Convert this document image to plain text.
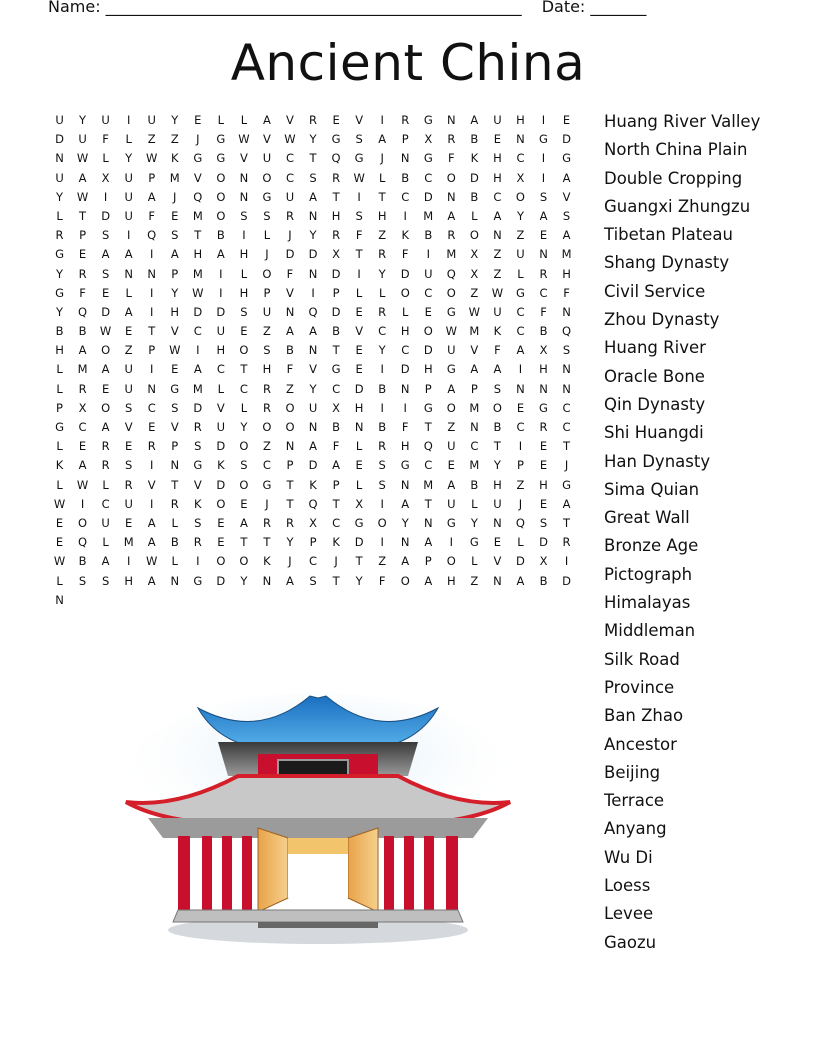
Name: ____________________________________________________ Date: _______
Ancient China
U	Y	U	I	U	Y	E	L	L	A	V	R	E	V	I	R	G	N	A	U	H	I	E
D	U	F	L	Z	Z	J	G	W	V	W	Y	G	S	A	P	X	R	B	E	N	G	D
N	W	L	Y	W	K	G	G	V	U	C	T	Q	G	J	N	G	F	K	H	C	I	G
U	A	X	U	P	M	V	O	N	O	C	S	R	W	L	B	C	O	D	H	X	I	A
Y	W	I	U	A	J	Q	O	N	G	U	A	T	I	T	C	D	N	B	C	O	S	V
L	T	D	U	F	E	M	O	S	S	R	N	H	S	H	I	M	A	L	A	Y	A	S
R	P	S	I	Q	S	T	B	I	L	J	Y	R	F	Z	K	B	R	O	N	Z	E	A
G	E	A	A	I	A	H	A	H	J	D	D	X	T	R	F	I	M	X	Z	U	N	M
Y	R	S	N	N	P	M	I	L	O	F	N	D	I	Y	D	U	Q	X	Z	L	R	H
G	F	E	L	I	Y	W	I	H	P	V	I	P	L	L	O	C	O	Z	W	G	C	F
Y	Q	D	A	I	H	D	D	S	U	N	Q	D	E	R	L	E	G	W	U	C	F	N
B	B	W	E	T	V	C	U	E	Z	A	A	B	V	C	H	O	W	M	K	C	B	Q
H	A	O	Z	P	W	I	H	O	S	B	N	T	E	Y	C	D	U	V	F	A	X	S
L	M	A	U	I	E	A	C	T	H	F	V	G	E	I	D	H	G	A	A	I	H	N
L	R	E	U	N	G	M	L	C	R	Z	Y	C	D	B	N	P	A	P	S	N	N	N
P	X	O	S	C	S	D	V	L	R	O	U	X	H	I	I	G	O	M	O	E	G	C
G	C	A	V	E	V	R	U	Y	O	O	N	B	N	B	F	T	Z	N	B	C	R	C
L	E	R	E	R	P	S	D	O	Z	N	A	F	L	R	H	Q	U	C	T	I	E	T
K	A	R	S	I	N	G	K	S	C	P	D	A	E	S	G	C	E	M	Y	P	E	J
L	W	L	R	V	T	V	D	O	G	T	K	P	L	S	N	M	A	B	H	Z	H	G
W	I	C	U	I	R	K	O	E	J	T	Q	T	X	I	A	T	U	L	U	J	E	A
E	O	U	E	A	L	S	E	A	R	R	X	C	G	O	Y	N	G	Y	N	Q	S	T
E	Q	L	M	A	B	R	E	T	T	Y	P	K	D	I	N	A	I	G	E	L	D	R
W	B	A	I	W	L	I	O	O	K	J	C	J	T	Z	A	P	O	L	V	D	X	I
L	S	S	H	A	N	G	D	Y	N	A	S	T	Y	F	O	A	H	Z	N	A	B	D
N
Huang River Valley
North China Plain
Double Cropping
Guangxi Zhungzu
Tibetan Plateau
Shang Dynasty
Civil Service
Zhou Dynasty
Huang River
Oracle Bone
Qin Dynasty
Shi Huangdi
Han Dynasty
Sima Quian
Great Wall
Bronze Age
Pictograph
Himalayas
Middleman
Silk Road
Province
Ban Zhao
Ancestor
Beijing
Terrace
Anyang
Wu Di
Loess
Levee
Gaozu
